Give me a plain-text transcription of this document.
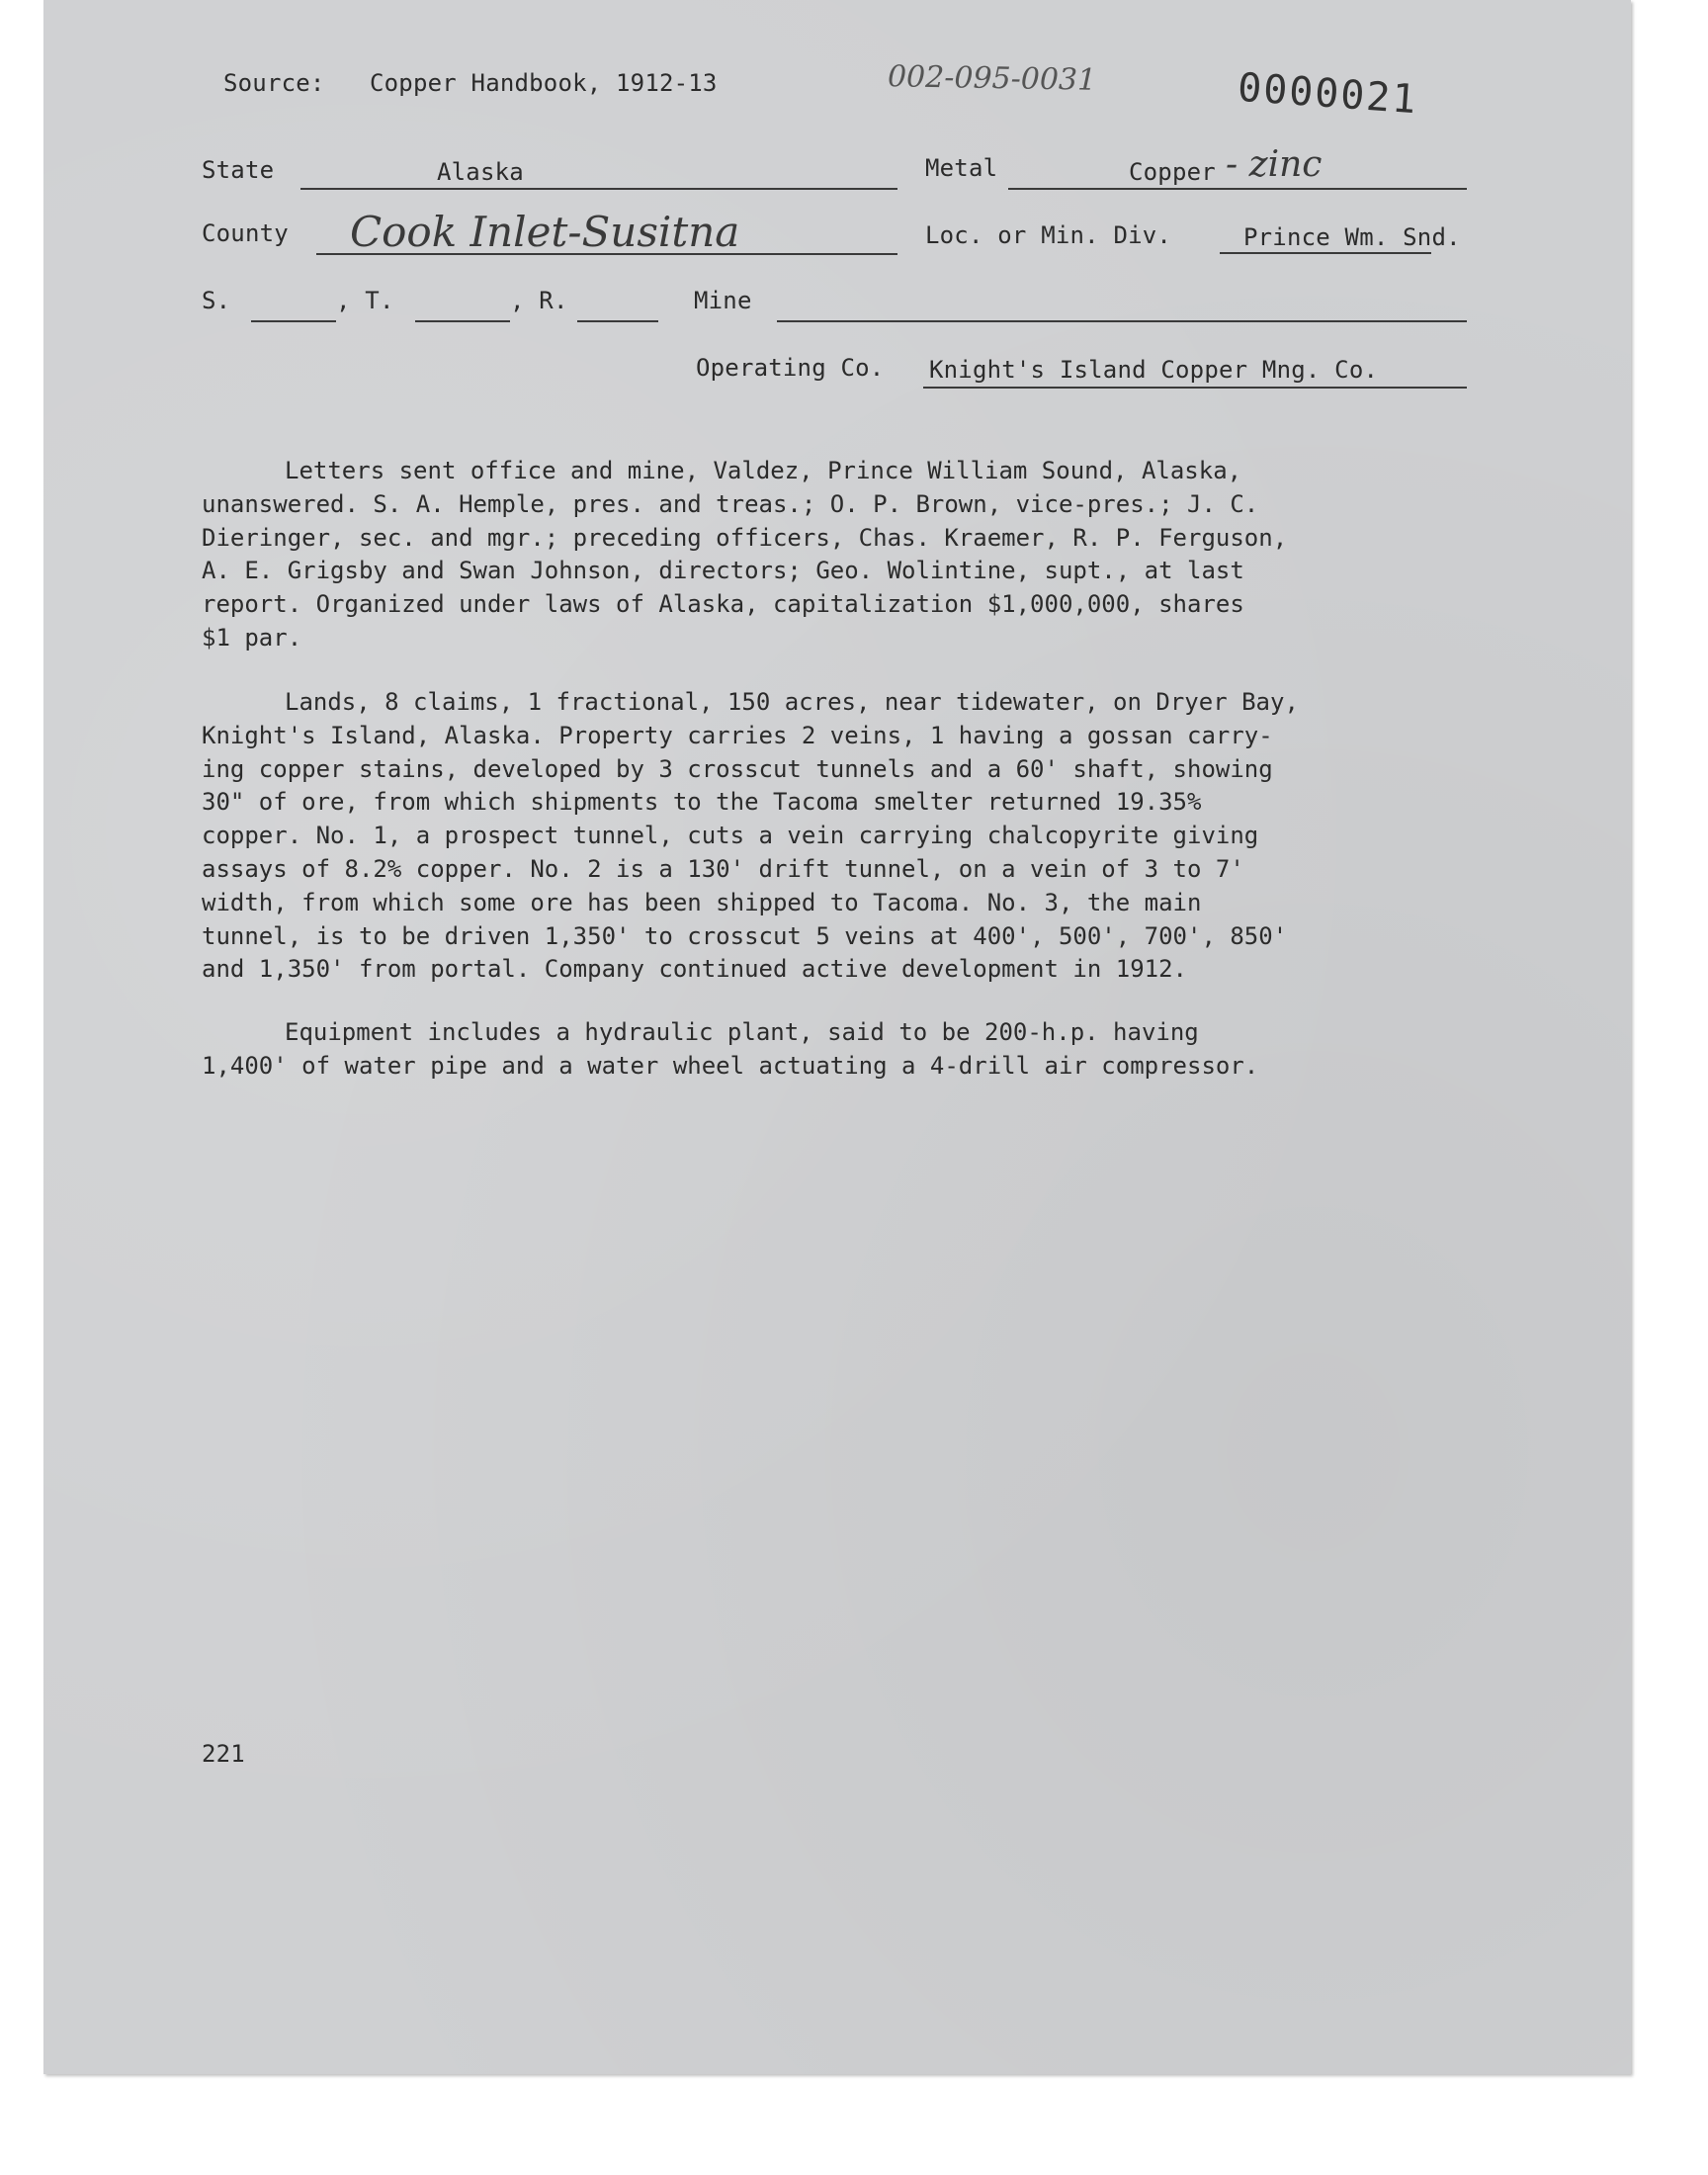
Source: Copper Handbook, 1912-13	002-095-0031	0000021
State	Alaska	Metal	Copper - zinc
County Cook Inlet-Susitna	Loc. or Min. Div.	Prince Wm. Snd.
S.	, T.	, R.	Mine
Operating Co. Knight's Island Copper Mng. Co.
Letters sent office and mine, Valdez, Prince William Sound, Alaska,
unanswered. S. A. Hemple, pres. and treas.; O. P. Brown, vice-pres.; J. C.
Dieringer, sec. and mgr.; preceding officers, Chas. Kraemer, R. P. Ferguson,
A. E. Grigsby and Swan Johnson, directors; Geo. Wolintine, supt., at last
report. Organized under laws of Alaska, capitalization $1,000,000, shares
$1 par.
Lands, 8 claims, 1 fractional, 150 acres, near tidewater, on Dryer Bay,
Knight's Island, Alaska. Property carries 2 veins, 1 having a gossan carry-
ing copper stains, developed by 3 crosscut tunnels and a 60' shaft, showing
30" of ore, from which shipments to the Tacoma smelter returned 19.35%
copper. No. 1, a prospect tunnel, cuts a vein carrying chalcopyrite giving
assays of 8.2% copper. No. 2 is a 130' drift tunnel, on a vein of 3 to 7'
width, from which some ore has been shipped to Tacoma. No. 3, the main
tunnel, is to be driven 1,350' to crosscut 5 veins at 400', 500', 700', 850'
and 1,350' from portal. Company continued active development in 1912.
Equipment includes a hydraulic plant, said to be 200-h.p. having
1,400' of water pipe and a water wheel actuating a 4-drill air compressor.
221
